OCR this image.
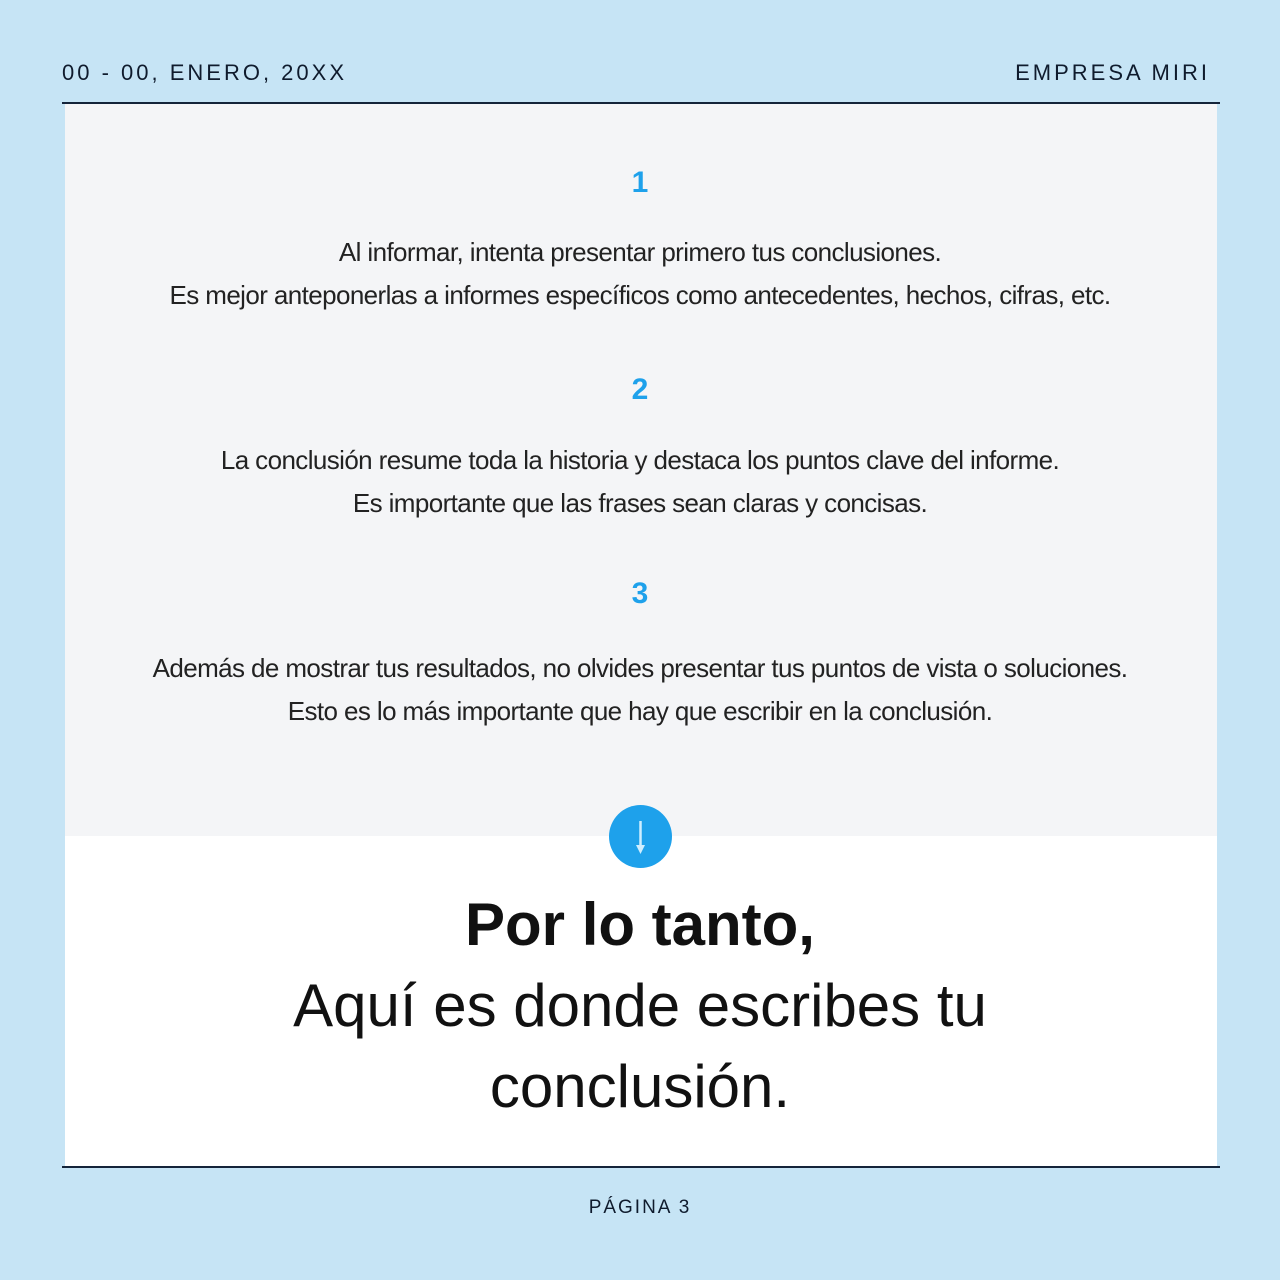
00 - 00, ENERO, 20XX	EMPRESA MIRI
1
Al informar, intenta presentar primero tus conclusiones.
Es mejor anteponerlas a informes específicos como antecedentes, hechos, cifras, etc.
2
La conclusión resume toda la historia y destaca los puntos clave del informe.
Es importante que las frases sean claras y concisas.
3
Además de mostrar tus resultados, no olvides presentar tus puntos de vista o soluciones.
Esto es lo más importante que hay que escribir en la conclusión.
Por lo tanto,
Aquí es donde escribes tu
conclusión.
PÁGINA 3
